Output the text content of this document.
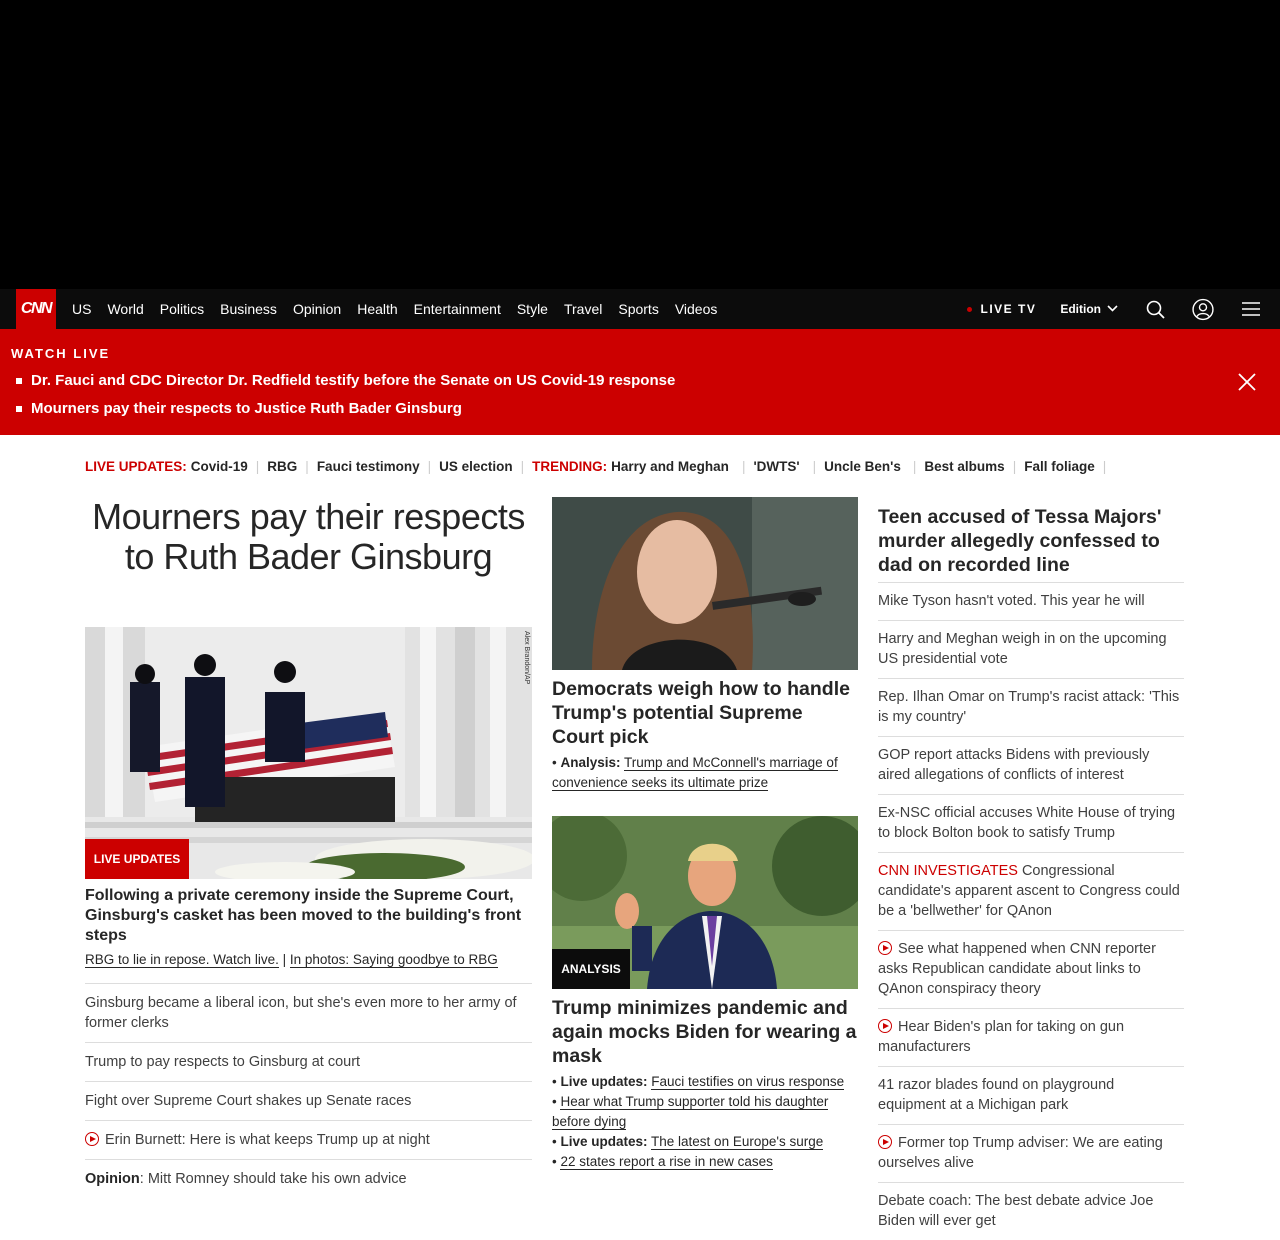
CNN	US World Politics Business Opinion Health Entertainment Style Travel Sports Videos	LIVE TV Edition
WATCH LIVE
Dr. Fauci and CDC Director Dr. Redfield testify before the Senate on US Covid-19 response
Mourners pay their respects to Justice Ruth Bader Ginsburg
LIVE UPDATES: Covid-19 | RBG | Fauci testimony | US election | TRENDING: Harry and Meghan | 'DWTS' | Uncle Ben's | Best albums | Fall foliage |
Mourners pay their respects to Ruth Bader Ginsburg
Alex Brandon/AP
LIVE UPDATES
Following a private ceremony inside the Supreme Court, Ginsburg's casket has been moved to the building's front steps
RBG to lie in repose. Watch live. | In photos: Saying goodbye to RBG
Ginsburg became a liberal icon, but she's even more to her army of former clerks
Trump to pay respects to Ginsburg at court
Fight over Supreme Court shakes up Senate races
Erin Burnett: Here is what keeps Trump up at night
Opinion: Mitt Romney should take his own advice
Democrats weigh how to handle Trump's potential Supreme Court pick
• Analysis: Trump and McConnell's marriage of convenience seeks its ultimate prize
ANALYSIS
Trump minimizes pandemic and again mocks Biden for wearing a mask
• Live updates: Fauci testifies on virus response
• Hear what Trump supporter told his daughter before dying
• Live updates: The latest on Europe's surge
• 22 states report a rise in new cases
Teen accused of Tessa Majors' murder allegedly confessed to dad on recorded line
Mike Tyson hasn't voted. This year he will
Harry and Meghan weigh in on the upcoming US presidential vote
Rep. Ilhan Omar on Trump's racist attack: 'This is my country'
GOP report attacks Bidens with previously aired allegations of conflicts of interest
Ex-NSC official accuses White House of trying to block Bolton book to satisfy Trump
CNN INVESTIGATES Congressional candidate's apparent ascent to Congress could be a 'bellwether' for QAnon
See what happened when CNN reporter asks Republican candidate about links to QAnon conspiracy theory
Hear Biden's plan for taking on gun manufacturers
41 razor blades found on playground equipment at a Michigan park
Former top Trump adviser: We are eating ourselves alive
Debate coach: The best debate advice Joe Biden will ever get
